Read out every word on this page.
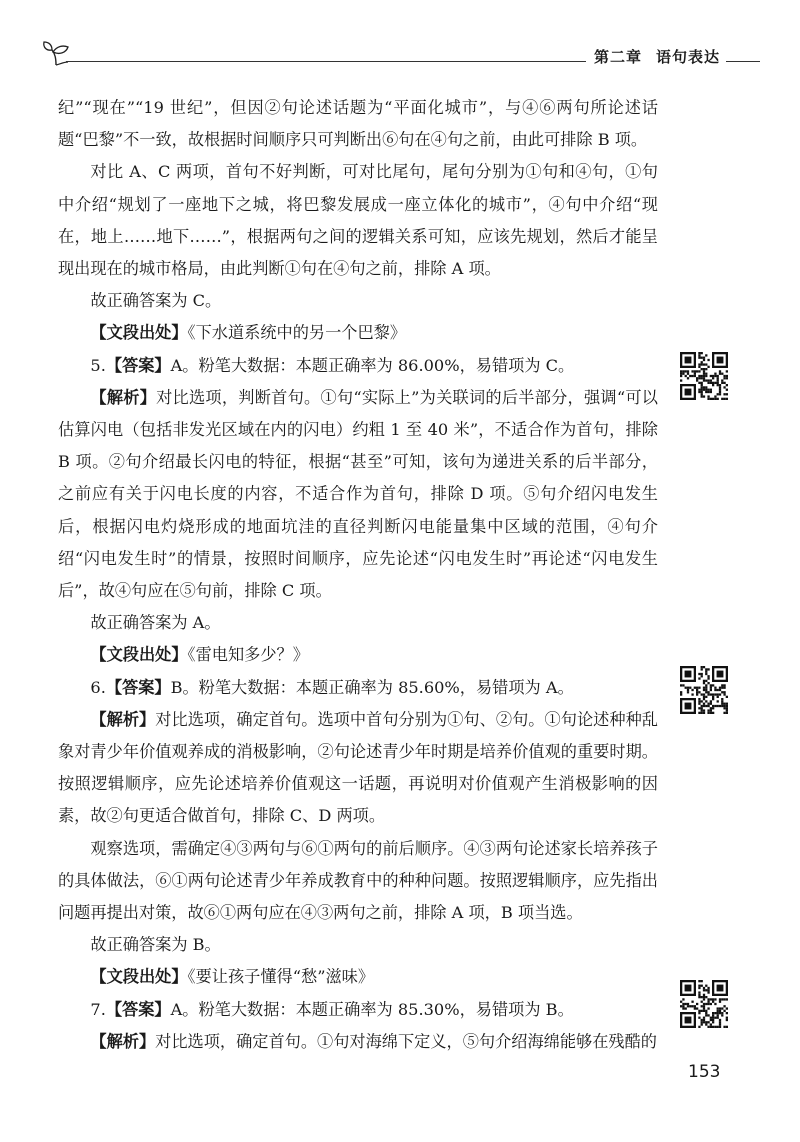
第二章 语句表达

纪”“现在”“19 世纪”，但因②句论述话题为“平面化城市”，与④⑥两句所论述话题“巴黎”不一致，故根据时间顺序只可判断出⑥句在④句之前，由此可排除 B 项。

对比 A、C 两项，首句不好判断，可对比尾句，尾句分别为①句和④句，①句中介绍“规划了一座地下之城，将巴黎发展成一座立体化的城市”，④句中介绍“现在，地上……地下……”，根据两句之间的逻辑关系可知，应该先规划，然后才能呈现出现在的城市格局，由此判断①句在④句之前，排除 A 项。

故正确答案为 C。

【文段出处】《下水道系统中的另一个巴黎》

5.【答案】A。粉笔大数据：本题正确率为 86.00%，易错项为 C。

【解析】对比选项，判断首句。①句“实际上”为关联词的后半部分，强调“可以估算闪电（包括非发光区域在内的闪电）约粗 1 至 40 米”，不适合作为首句，排除 B 项。②句介绍最长闪电的特征，根据“甚至”可知，该句为递进关系的后半部分，之前应有关于闪电长度的内容，不适合作为首句，排除 D 项。⑤句介绍闪电发生后，根据闪电灼烧形成的地面坑洼的直径判断闪电能量集中区域的范围，④句介绍“闪电发生时”的情景，按照时间顺序，应先论述“闪电发生时”再论述“闪电发生后”，故④句应在⑤句前，排除 C 项。

故正确答案为 A。

【文段出处】《雷电知多少？》

6.【答案】B。粉笔大数据：本题正确率为 85.60%，易错项为 A。

【解析】对比选项，确定首句。选项中首句分别为①句、②句。①句论述种种乱象对青少年价值观养成的消极影响，②句论述青少年时期是培养价值观的重要时期。按照逻辑顺序，应先论述培养价值观这一话题，再说明对价值观产生消极影响的因素，故②句更适合做首句，排除 C、D 两项。

观察选项，需确定④③两句与⑥①两句的前后顺序。④③两句论述家长培养孩子的具体做法，⑥①两句论述青少年养成教育中的种种问题。按照逻辑顺序，应先指出问题再提出对策，故⑥①两句应在④③两句之前，排除 A 项，B 项当选。

故正确答案为 B。

【文段出处】《要让孩子懂得“愁”滋味》

7.【答案】A。粉笔大数据：本题正确率为 85.30%，易错项为 B。

【解析】对比选项，确定首句。①句对海绵下定义，⑤句介绍海绵能够在残酷的

153
